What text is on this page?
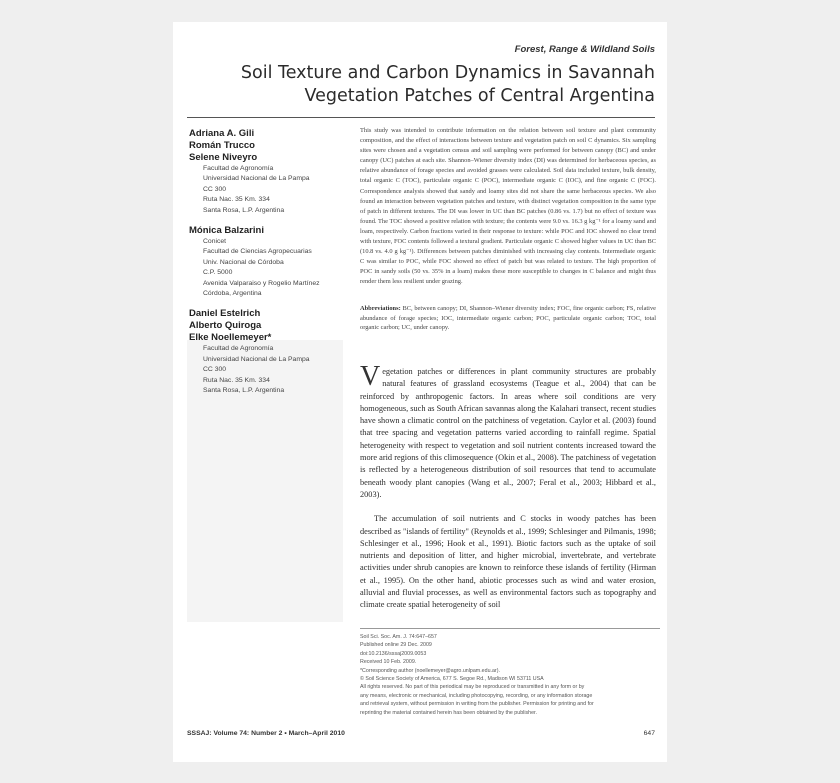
Forest, Range & Wildland Soils
Soil Texture and Carbon Dynamics in Savannah
Vegetation Patches of Central Argentina
Adriana A. Gili
Román Trucco
Selene Niveyro
Facultad de Agronomía
Universidad Nacional de La Pampa
CC 300
Ruta Nac. 35 Km. 334
Santa Rosa, L.P. Argentina
Mónica Balzarini
Conicet
Facultad de Ciencias Agropecuarias
Univ. Nacional de Córdoba
C.P. 5000
Avenida Valparaiso y Rogelio Martínez
Córdoba, Argentina
Daniel Estelrich
Alberto Quiroga
Elke Noellemeyer*
Facultad de Agronomía
Universidad Nacional de La Pampa
CC 300
Ruta Nac. 35 Km. 334
Santa Rosa, L.P. Argentina

This study was intended to contribute information on the relation between soil texture and plant community composition, and the effect of interactions between texture and vegetation patch on soil C dynamics. Six sampling sites were chosen and a vegetation census and soil sampling were performed for between canopy (BC) and under canopy (UC) patches at each site. Shannon–Wiener diversity index (DI) was determined for herbaceous species, as relative abundance of forage species and avoided grasses were calculated. Soil data included texture, bulk density, total organic C (TOC), particulate organic C (POC), intermediate organic C (IOC), and fine organic C (FOC). Correspondence analysis showed that sandy and loamy sites did not share the same herbaceous species. We also found an interaction between vegetation patches and texture, with distinct vegetation composition in the same type of patch in different textures. The DI was lower in UC than BC patches (0.86 vs. 1.7) but no effect of texture was found. The TOC showed a positive relation with texture; the contents were 9.0 vs. 16.3 g kg⁻¹ for a loamy sand and loam, respectively. Carbon fractions varied in their response to texture: while POC and IOC showed no clear trend with texture, FOC contents followed a textural gradient. Particulate organic C showed higher values in UC than BC (10.8 vs. 4.0 g kg⁻¹). Differences between patches diminished with increasing clay contents. Intermediate organic C was similar to POC, while FOC showed no effect of patch but was related to texture. The high proportion of POC in sandy soils (50 vs. 35% in a loam) makes these more susceptible to changes in C balance and might thus render them less resilient under grazing.

Abbreviations: BC, between canopy; DI, Shannon–Wiener diversity index; FOC, fine organic carbon; FS, relative abundance of forage species; IOC, intermediate organic carbon; POC, particulate organic carbon; TOC, total organic carbon; UC, under canopy.

Vegetation patches or differences in plant community structures are probably natural features of grassland ecosystems (Teague et al., 2004) that can be reinforced by anthropogenic factors. In areas where soil conditions are very homogeneous, such as South African savannas along the Kalahari transect, recent studies have shown a climatic control on the patchiness of vegetation. Caylor et al. (2003) found that tree spacing and vegetation patterns varied according to rainfall regime. Spatial heterogeneity with respect to vegetation and soil nutrient contents increased toward the more arid regions of this climosequence (Okin et al., 2008). The patchiness of vegetation is reflected by a heterogeneous distribution of soil resources that tend to accumulate beneath woody plant canopies (Wang et al., 2007; Feral et al., 2003; Hibbard et al., 2003).

The accumulation of soil nutrients and C stocks in woody patches has been described as "islands of fertility" (Reynolds et al., 1999; Schlesinger and Pilmanis, 1998; Schlesinger et al., 1996; Hook et al., 1991). Biotic factors such as the uptake of soil nutrients and deposition of litter, and higher microbial, invertebrate, and vertebrate activities under shrub canopies are known to reinforce these islands of fertility (Hirman et al., 1995). On the other hand, abiotic processes such as wind and water erosion, alluvial and fluvial processes, as well as environmental factors such as topography and climate create spatial heterogeneity of soil

Soil Sci. Soc. Am. J. 74:647–657
Published online 29 Dec. 2009
doi:10.2136/sssaj2009.0053
Received 10 Feb. 2009.
*Corresponding author (noellemeyer@agro.unlpam.edu.ar).
© Soil Science Society of America, 677 S. Segoe Rd., Madison WI 53711 USA
All rights reserved. No part of this periodical may be reproduced or transmitted in any form or by
any means, electronic or mechanical, including photocopying, recording, or any information storage
and retrieval system, without permission in writing from the publisher. Permission for printing and for
reprinting the material contained herein has been obtained by the publisher.
SSSAJ: Volume 74: Number 2 • March–April 2010	647
